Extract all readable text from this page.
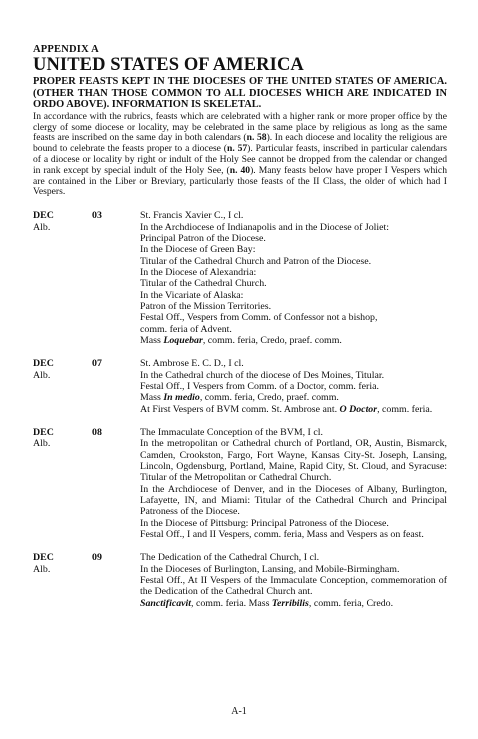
APPENDIX A
UNITED STATES OF AMERICA
PROPER FEASTS KEPT IN THE DIOCESES OF THE UNITED STATES OF AMERICA. (OTHER THAN THOSE COMMON TO ALL DIOCESES WHICH ARE INDICATED IN ORDO ABOVE). INFORMATION IS SKELETAL.
In accordance with the rubrics, feasts which are celebrated with a higher rank or more proper office by the clergy of some diocese or locality, may be celebrated in the same place by religious as long as the same feasts are inscribed on the same day in both calendars (n. 58). In each diocese and locality the religious are bound to celebrate the feasts proper to a diocese (n. 57). Particular feasts, inscribed in particular calendars of a diocese or locality by right or indult of the Holy See cannot be dropped from the calendar or changed in rank except by special indult of the Holy See, (n. 40). Many feasts below have proper I Vespers which are contained in the Liber or Breviary, particularly those feasts of the II Class, the older of which had I Vespers.
DEC
Alb.
03	St. Francis Xavier C., I cl.
In the Archdiocese of Indianapolis and in the Diocese of Joliet:
Principal Patron of the Diocese.
In the Diocese of Green Bay:
Titular of the Cathedral Church and Patron of the Diocese.
In the Diocese of Alexandria:
Titular of the Cathedral Church.
In the Vicariate of Alaska:
Patron of the Mission Territories.
Festal Off., Vespers from Comm. of Confessor not a bishop,
comm. feria of Advent.
Mass Loquebar, comm. feria, Credo, praef. comm.
DEC
Alb.
07	St. Ambrose E. C. D., I cl.
In the Cathedral church of the diocese of Des Moines, Titular.
Festal Off., I Vespers from Comm. of a Doctor, comm. feria.
Mass In medio, comm. feria, Credo, praef. comm.
At First Vespers of BVM comm. St. Ambrose ant. O Doctor, comm. feria.
DEC
Alb.
08	The Immaculate Conception of the BVM, I cl.
In the metropolitan or Cathedral church of Portland, OR, Austin, Bismarck, Camden, Crookston, Fargo, Fort Wayne, Kansas City-St. Joseph, Lansing, Lincoln, Ogdensburg, Portland, Maine, Rapid City, St. Cloud, and Syracuse: Titular of the Metropolitan or Cathedral Church.
In the Archdiocese of Denver, and in the Dioceses of Albany, Burlington, Lafayette, IN, and Miami: Titular of the Cathedral Church and Principal Patroness of the Diocese.
In the Diocese of Pittsburg: Principal Patroness of the Diocese.
Festal Off., I and II Vespers, comm. feria, Mass and Vespers as on feast.
DEC
Alb.
09	The Dedication of the Cathedral Church, I cl.
In the Dioceses of Burlington, Lansing, and Mobile-Birmingham.
Festal Off., At II Vespers of the Immaculate Conception, commemoration of the Dedication of the Cathedral Church ant.
Sanctificavit, comm. feria. Mass Terribilis, comm. feria, Credo.
A-1
